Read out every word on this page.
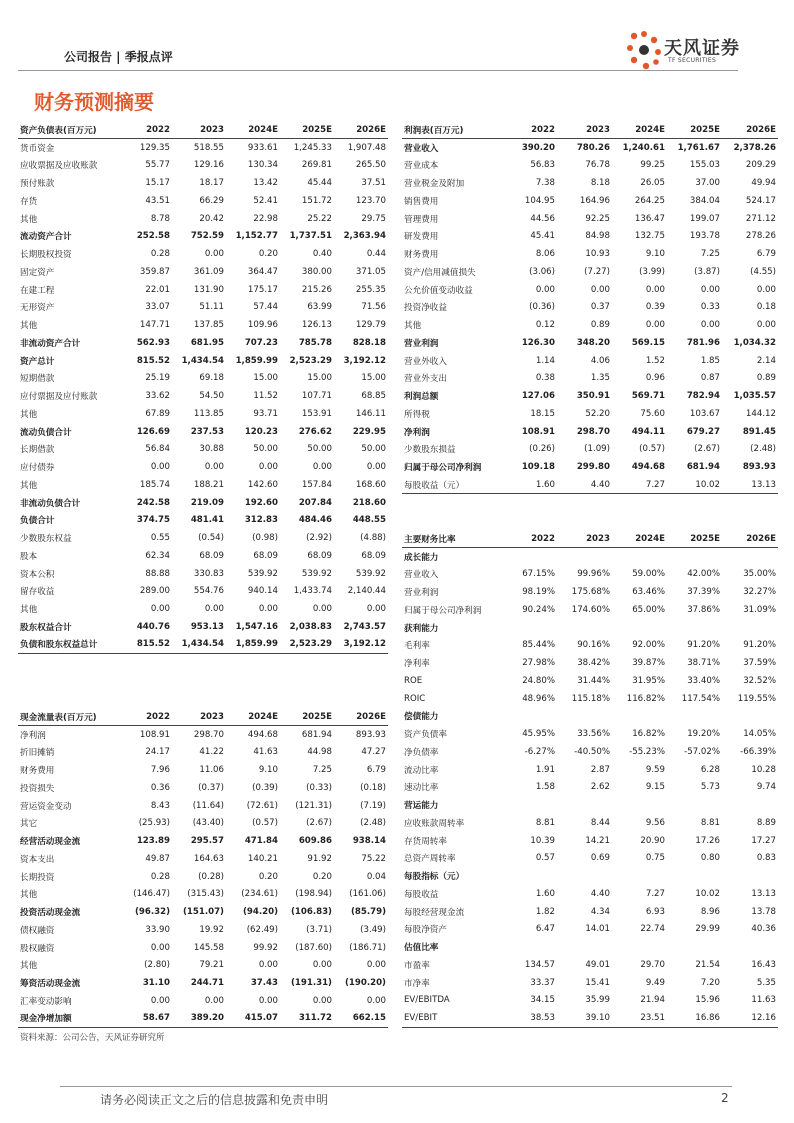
公司报告 | 季报点评	天风证券
TF SECURITIES
财务预测摘要
资产负债表(百万元)	2022	2023	2024E	2025E	2026E
货币资金	129.35	518.55	933.61	1,245.33	1,907.48
应收票据及应收账款	55.77	129.16	130.34	269.81	265.50
预付账款	15.17	18.17	13.42	45.44	37.51
存货	43.51	66.29	52.41	151.72	123.70
其他	8.78	20.42	22.98	25.22	29.75
流动资产合计	252.58	752.59	1,152.77	1,737.51	2,363.94
长期股权投资	0.28	0.00	0.20	0.40	0.44
固定资产	359.87	361.09	364.47	380.00	371.05
在建工程	22.01	131.90	175.17	215.26	255.35
无形资产	33.07	51.11	57.44	63.99	71.56
其他	147.71	137.85	109.96	126.13	129.79
非流动资产合计	562.93	681.95	707.23	785.78	828.18
资产总计	815.52	1,434.54	1,859.99	2,523.29	3,192.12
短期借款	25.19	69.18	15.00	15.00	15.00
应付票据及应付账款	33.62	54.50	11.52	107.71	68.85
其他	67.89	113.85	93.71	153.91	146.11
流动负债合计	126.69	237.53	120.23	276.62	229.95
长期借款	56.84	30.88	50.00	50.00	50.00
应付债券	0.00	0.00	0.00	0.00	0.00
其他	185.74	188.21	142.60	157.84	168.60
非流动负债合计	242.58	219.09	192.60	207.84	218.60
负债合计	374.75	481.41	312.83	484.46	448.55
少数股东权益	0.55	(0.54)	(0.98)	(2.92)	(4.88)
股本	62.34	68.09	68.09	68.09	68.09
资本公积	88.88	330.83	539.92	539.92	539.92
留存收益	289.00	554.76	940.14	1,433.74	2,140.44
其他	0.00	0.00	0.00	0.00	0.00
股东权益合计	440.76	953.13	1,547.16	2,038.83	2,743.57
负债和股东权益总计	815.52	1,434.54	1,859.99	2,523.29	3,192.12
利润表(百万元)	2022	2023	2024E	2025E	2026E
营业收入	390.20	780.26	1,240.61	1,761.67	2,378.26
营业成本	56.83	76.78	99.25	155.03	209.29
营业税金及附加	7.38	8.18	26.05	37.00	49.94
销售费用	104.95	164.96	264.25	384.04	524.17
管理费用	44.56	92.25	136.47	199.07	271.12
研发费用	45.41	84.98	132.75	193.78	278.26
财务费用	8.06	10.93	9.10	7.25	6.79
资产/信用减值损失	(3.06)	(7.27)	(3.99)	(3.87)	(4.55)
公允价值变动收益	0.00	0.00	0.00	0.00	0.00
投资净收益	(0.36)	0.37	0.39	0.33	0.18
其他	0.12	0.89	0.00	0.00	0.00
营业利润	126.30	348.20	569.15	781.96	1,034.32
营业外收入	1.14	4.06	1.52	1.85	2.14
营业外支出	0.38	1.35	0.96	0.87	0.89
利润总额	127.06	350.91	569.71	782.94	1,035.57
所得税	18.15	52.20	75.60	103.67	144.12
净利润	108.91	298.70	494.11	679.27	891.45
少数股东损益	(0.26)	(1.09)	(0.57)	(2.67)	(2.48)
归属于母公司净利润	109.18	299.80	494.68	681.94	893.93
每股收益（元）	1.60	4.40	7.27	10.02	13.13
主要财务比率	2022	2023	2024E	2025E	2026E
成长能力					
营业收入	67.15%	99.96%	59.00%	42.00%	35.00%
营业利润	98.19%	175.68%	63.46%	37.39%	32.27%
归属于母公司净利润	90.24%	174.60%	65.00%	37.86%	31.09%
获利能力					
毛利率	85.44%	90.16%	92.00%	91.20%	91.20%
净利率	27.98%	38.42%	39.87%	38.71%	37.59%
ROE	24.80%	31.44%	31.95%	33.40%	32.52%
ROIC	48.96%	115.18%	116.82%	117.54%	119.55%
偿债能力					
资产负债率	45.95%	33.56%	16.82%	19.20%	14.05%
净负债率	-6.27%	-40.50%	-55.23%	-57.02%	-66.39%
流动比率	1.91	2.87	9.59	6.28	10.28
速动比率	1.58	2.62	9.15	5.73	9.74
营运能力					
应收账款周转率	8.81	8.44	9.56	8.81	8.89
存货周转率	10.39	14.21	20.90	17.26	17.27
总资产周转率	0.57	0.69	0.75	0.80	0.83
每股指标（元）					
每股收益	1.60	4.40	7.27	10.02	13.13
每股经营现金流	1.82	4.34	6.93	8.96	13.78
每股净资产	6.47	14.01	22.74	29.99	40.36
估值比率					
市盈率	134.57	49.01	29.70	21.54	16.43
市净率	33.37	15.41	9.49	7.20	5.35
EV/EBITDA	34.15	35.99	21.94	15.96	11.63
EV/EBIT	38.53	39.10	23.51	16.86	12.16
现金流量表(百万元)	2022	2023	2024E	2025E	2026E
净利润	108.91	298.70	494.68	681.94	893.93
折旧摊销	24.17	41.22	41.63	44.98	47.27
财务费用	7.96	11.06	9.10	7.25	6.79
投资损失	0.36	(0.37)	(0.39)	(0.33)	(0.18)
营运资金变动	8.43	(11.64)	(72.61)	(121.31)	(7.19)
其它	(25.93)	(43.40)	(0.57)	(2.67)	(2.48)
经营活动现金流	123.89	295.57	471.84	609.86	938.14
资本支出	49.87	164.63	140.21	91.92	75.22
长期投资	0.28	(0.28)	0.20	0.20	0.04
其他	(146.47)	(315.43)	(234.61)	(198.94)	(161.06)
投资活动现金流	(96.32)	(151.07)	(94.20)	(106.83)	(85.79)
债权融资	33.90	19.92	(62.49)	(3.71)	(3.49)
股权融资	0.00	145.58	99.92	(187.60)	(186.71)
其他	(2.80)	79.21	0.00	0.00	0.00
筹资活动现金流	31.10	244.71	37.43	(191.31)	(190.20)
汇率变动影响	0.00	0.00	0.00	0.00	0.00
现金净增加额	58.67	389.20	415.07	311.72	662.15
资料来源：公司公告，天风证券研究所
请务必阅读正文之后的信息披露和免责申明	2
